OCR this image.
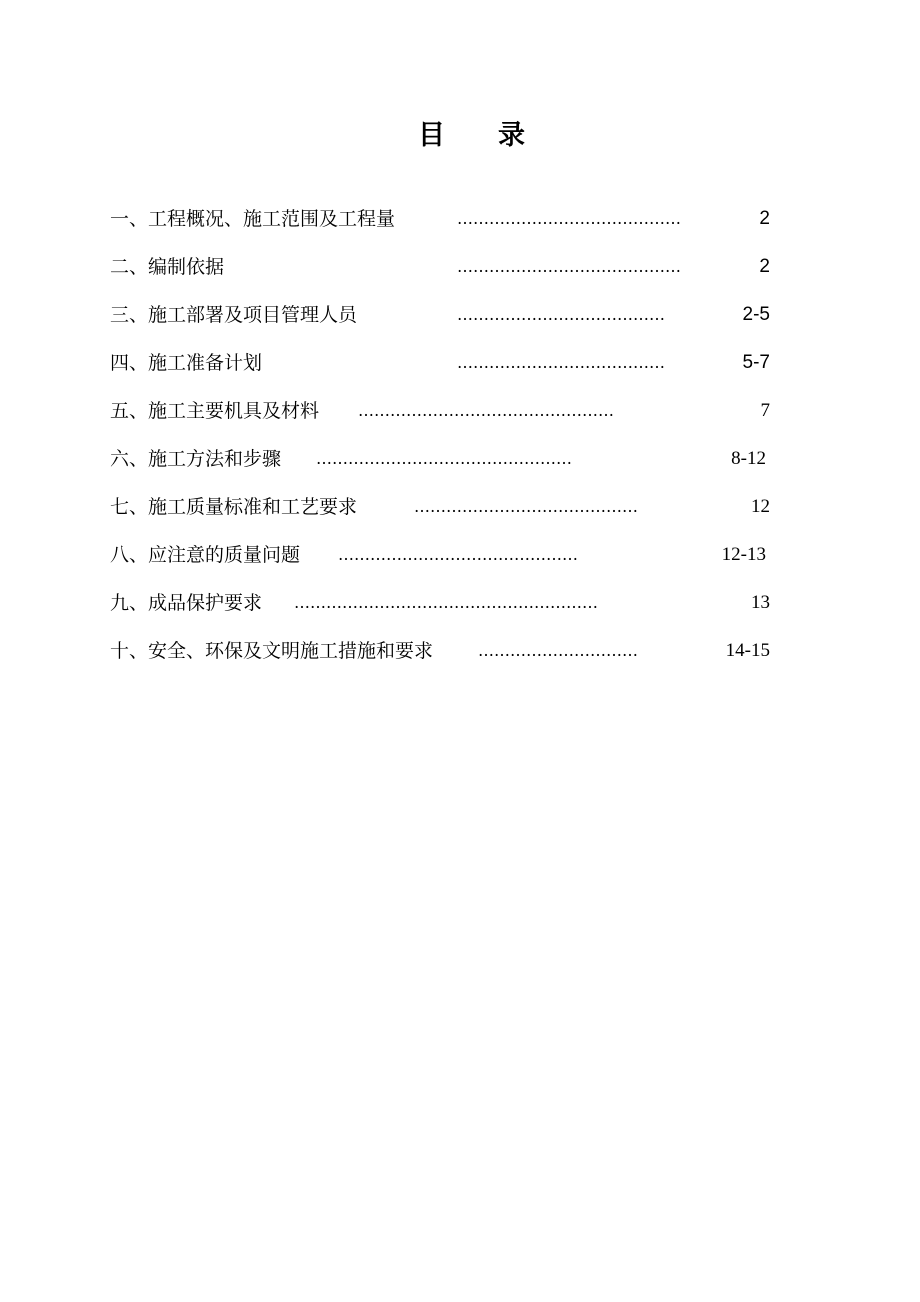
目 录
一、工程概况、施工范围及工程量	……………………………………	2
二、编制依据	……………………………………	2
三、施工部署及项目管理人员	…………………………………	2-5
四、施工准备计划	…………………………………	5-7
五、施工主要机具及材料 …………………………………………	7
六、施工方法和步骤 …………………………………………	8-12
七、施工质量标准和工艺要求	……………………………………	12
八、应注意的质量问题 ………………………………………	12-13
九、成品保护要求 …………………………………………………	13
十、安全、环保及文明施工措施和要求	…………………………	14-15
